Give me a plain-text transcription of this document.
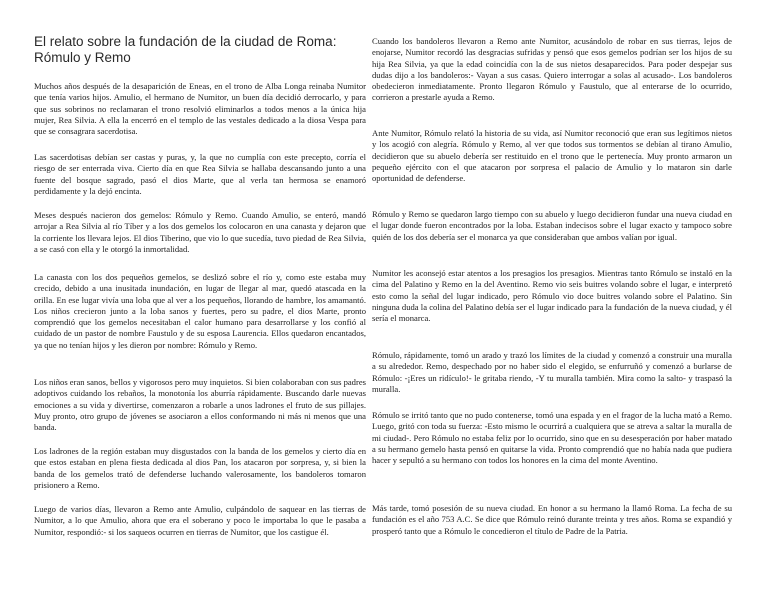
El relato sobre la fundación de la ciudad de Roma: Rómulo y Remo

Muchos años después de la desaparición de Eneas, en el trono de Alba Longa reinaba Numitor que tenía varios hijos. Amulio, el hermano de Numitor, un buen día decidió derrocarlo, y para que sus sobrinos no reclamaran el trono resolvió eliminarlos a todos menos a la única hija mujer, Rea Silvia. A ella la encerró en el templo de las vestales dedicado a la diosa Vespa para que se consagrara sacerdotisa.

Las sacerdotisas debían ser castas y puras, y, la que no cumplía con este precepto, corría el riesgo de ser enterrada viva. Cierto día en que Rea Silvia se hallaba descansando junto a una fuente del bosque sagrado, pasó el dios Marte, que al verla tan hermosa se enamoró perdidamente y la dejó encinta.

Meses después nacieron dos gemelos: Rómulo y Remo. Cuando Amulio, se enteró, mandó arrojar a Rea Silvia al río Tíber y a los dos gemelos los colocaron en una canasta y dejaron que la corriente los llevara lejos. El dios Tiberino, que vio lo que sucedía, tuvo piedad de Rea Silvia, a se casó con ella y le otorgó la inmortalidad.

La canasta con los dos pequeños gemelos, se deslizó sobre el río y, como este estaba muy crecido, debido a una inusitada inundación, en lugar de llegar al mar, quedó atascada en la orilla. En ese lugar vivía una loba que al ver a los pequeños, llorando de hambre, los amamantó. Los niños crecieron junto a la loba sanos y fuertes, pero su padre, el dios Marte, pronto comprendió que los gemelos necesitaban el calor humano para desarrollarse y los confió al cuidado de un pastor de nombre Faustulo y de su esposa Laurencia. Ellos quedaron encantados, ya que no tenían hijos y les dieron por nombre: Rómulo y Remo.

Los niños eran sanos, bellos y vigorosos pero muy inquietos. Si bien colaboraban con sus padres adoptivos cuidando los rebaños, la monotonía los aburría rápidamente. Buscando darle nuevas emociones a su vida y divertirse, comenzaron a robarle a unos ladrones el fruto de sus pillajes. Muy pronto, otro grupo de jóvenes se asociaron a ellos conformando ni más ni menos que una banda.

Los ladrones de la región estaban muy disgustados con la banda de los gemelos y cierto día en que estos estaban en plena fiesta dedicada al dios Pan, los atacaron por sorpresa, y, si bien la banda de los gemelos trató de defenderse luchando valerosamente, los bandoleros tomaron prisionero a Remo.

Luego de varios días, llevaron a Remo ante Amulio, culpándolo de saquear en las tierras de Numitor, a lo que Amulio, ahora que era el soberano y poco le importaba lo que le pasaba a Numitor, respondió:- si los saqueos ocurren en tierras de Numitor, que los castigue él.

Cuando los bandoleros llevaron a Remo ante Numitor, acusándolo de robar en sus tierras, lejos de enojarse, Numitor recordó las desgracias sufridas y pensó que esos gemelos podrían ser los hijos de su hija Rea Silvia, ya que la edad coincidía con la de sus nietos desaparecidos. Para poder despejar sus dudas dijo a los bandoleros:- Vayan a sus casas. Quiero interrogar a solas al acusado-. Los bandoleros obedecieron inmediatamente. Pronto llegaron Rómulo y Faustulo, que al enterarse de lo ocurrido, corrieron a prestarle ayuda a Remo.

Ante Numitor, Rómulo relató la historia de su vida, así Numitor reconoció que eran sus legítimos nietos y los acogió con alegría. Rómulo y Remo, al ver que todos sus tormentos se debían al tirano Amulio, decidieron que su abuelo debería ser restituido en el trono que le pertenecía. Muy pronto armaron un pequeño ejército con el que atacaron por sorpresa el palacio de Amulio y lo mataron sin darle oportunidad de defenderse.

Rómulo y Remo se quedaron largo tiempo con su abuelo y luego decidieron fundar una nueva ciudad en el lugar donde fueron encontrados por la loba. Estaban indecisos sobre el lugar exacto y tampoco sobre quién de los dos debería ser el monarca ya que consideraban que ambos valían por igual.

Numitor les aconsejó estar atentos a los presagios los presagios. Mientras tanto Rómulo se instaló en la cima del Palatino y Remo en la del Aventino. Remo vio seis buitres volando sobre el lugar, e interpretó esto como la señal del lugar indicado, pero Rómulo vio doce buitres volando sobre el Palatino. Sin ninguna duda la colina del Palatino debía ser el lugar indicado para la fundación de la nueva ciudad, y él sería el monarca.

Rómulo, rápidamente, tomó un arado y trazó los límites de la ciudad y comenzó a construir una muralla a su alrededor. Remo, despechado por no haber sido el elegido, se enfurruñó y comenzó a burlarse de Rómulo: -¡Eres un ridículo!- le gritaba riendo, -Y tu muralla también. Mira como la salto- y traspasó la muralla.

Rómulo se irritó tanto que no pudo contenerse, tomó una espada y en el fragor de la lucha mató a Remo. Luego, gritó con toda su fuerza: -Esto mismo le ocurrirá a cualquiera que se atreva a saltar la muralla de mi ciudad-. Pero Rómulo no estaba feliz por lo ocurrido, sino que en su desesperación por haber matado a su hermano gemelo hasta pensó en quitarse la vida. Pronto comprendió que no había nada que pudiera hacer y sepultó a su hermano con todos los honores en la cima del monte Aventino.

Más tarde, tomó posesión de su nueva ciudad. En honor a su hermano la llamó Roma. La fecha de su fundación es el año 753 A.C. Se dice que Rómulo reinó durante treinta y tres años. Roma se expandió y prosperó tanto que a Rómulo le concedieron el título de Padre de la Patria.
